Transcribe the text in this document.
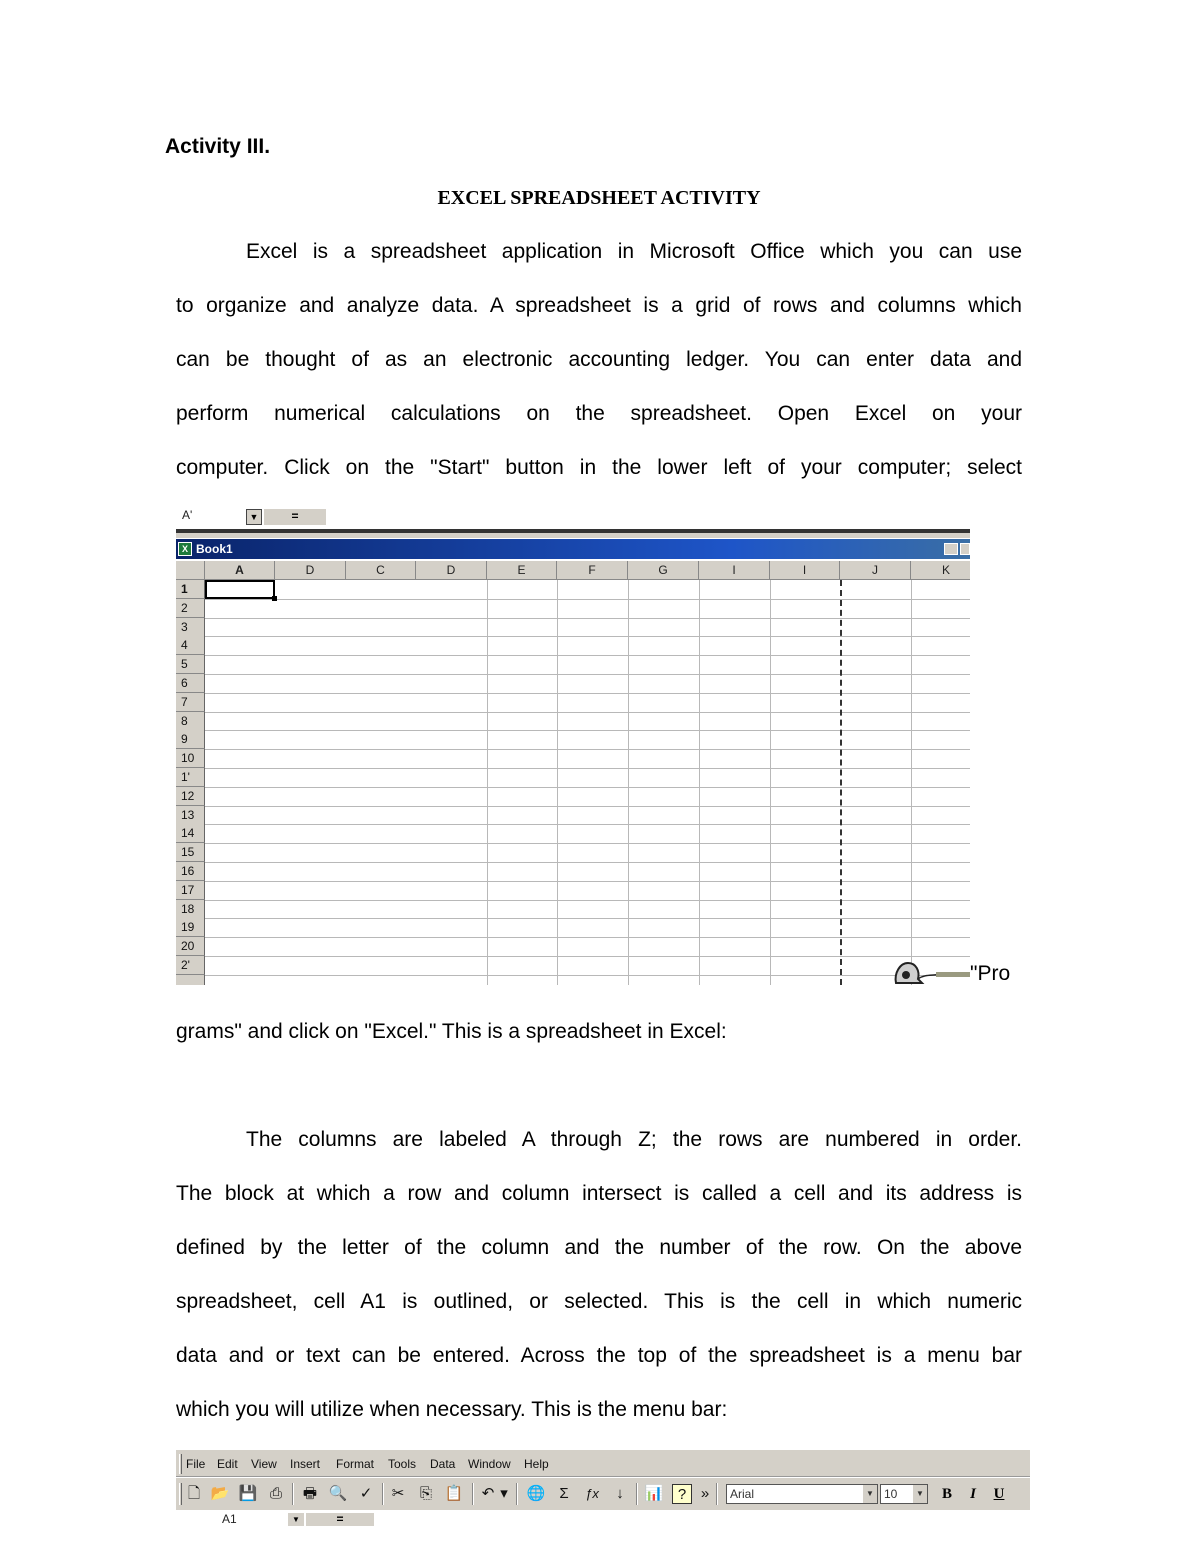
Activity III.
EXCEL SPREADSHEET ACTIVITY
Excel is a spreadsheet application in Microsoft Office which you can use
to organize and analyze data. A spreadsheet is a grid of rows and columns which
can be thought of as an electronic accounting ledger. You can enter data and
perform numerical calculations on the spreadsheet. Open Excel on your
computer. Click on the "Start" button in the lower left of your computer; select
A'	▼	=
X Book1
A	D	C	D	E	F	G	I	I	J	K
1
2
3
4
5
6
7
8
9
10
1'
12
13
14
15
16
17
18
19
20
2'	"Pro
grams" and click on "Excel." This is a spreadsheet in Excel:
The columns are labeled A through Z; the rows are numbered in order.
The block at which a row and column intersect is called a cell and its address is
defined by the letter of the column and the number of the row. On the above
spreadsheet, cell A1 is outlined, or selected. This is the cell in which numeric
data and or text can be entered. Across the top of the spreadsheet is a menu bar
which you will utilize when necessary. This is the menu bar:
File Edit View Insert Format Tools Data Window Help
🗋 📂 💾 ⎙ 🖶 🔍 ✓ ✂ ⎘ 📋 ↶ ▾ 🌐 Σ	ƒx	↓	📊 ? »	Arial	▼ 10	▼	B	I	U
A1	▼	=
